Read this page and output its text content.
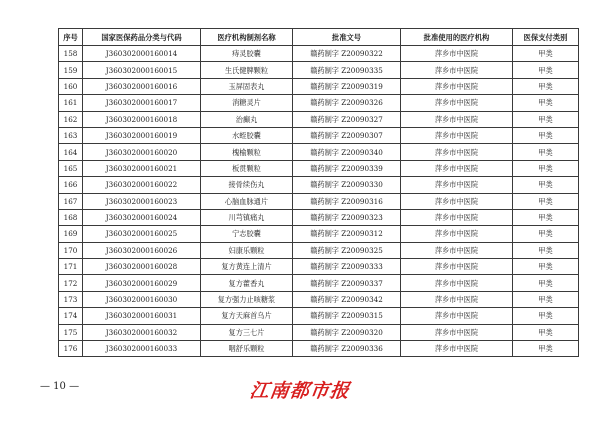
序号	国家医保药品分类与代码	医疗机构制剂名称	批准文号	批准使用的医疗机构	医保支付类别
158	J360302000160014	痔灵胶囊	赣药制字 Z20090322	萍乡市中医院	甲类
159	J360302000160015	生氏健脾颗粒	赣药制字 Z20090335	萍乡市中医院	甲类
160	J360302000160016	玉屏固表丸	赣药制字 Z20090319	萍乡市中医院	甲类
161	J360302000160017	消糖灵片	赣药制字 Z20090326	萍乡市中医院	甲类
162	J360302000160018	治癫丸	赣药制字 Z20090327	萍乡市中医院	甲类
163	J360302000160019	水蛭胶囊	赣药制字 Z20090307	萍乡市中医院	甲类
164	J360302000160020	槐榆颗粒	赣药制字 Z20090340	萍乡市中医院	甲类
165	J360302000160021	板贯颗粒	赣药制字 Z20090339	萍乡市中医院	甲类
166	J360302000160022	接骨续伤丸	赣药制字 Z20090330	萍乡市中医院	甲类
167	J360302000160023	心脑血脉通片	赣药制字 Z20090316	萍乡市中医院	甲类
168	J360302000160024	川芎镇痛丸	赣药制字 Z20090323	萍乡市中医院	甲类
169	J360302000160025	宁志胶囊	赣药制字 Z20090312	萍乡市中医院	甲类
170	J360302000160026	妇康乐颗粒	赣药制字 Z20090325	萍乡市中医院	甲类
171	J360302000160028	复方黄连上清片	赣药制字 Z20090333	萍乡市中医院	甲类
172	J360302000160029	复方藿香丸	赣药制字 Z20090337	萍乡市中医院	甲类
173	J360302000160030	复方强力止咳糖浆	赣药制字 Z20090342	萍乡市中医院	甲类
174	J360302000160031	复方天麻首乌片	赣药制字 Z20090315	萍乡市中医院	甲类
175	J360302000160032	复方三七片	赣药制字 Z20090320	萍乡市中医院	甲类
176	J360302000160033	咽舒乐颗粒	赣药制字 Z20090336	萍乡市中医院	甲类
— 10 —	江南都市报
